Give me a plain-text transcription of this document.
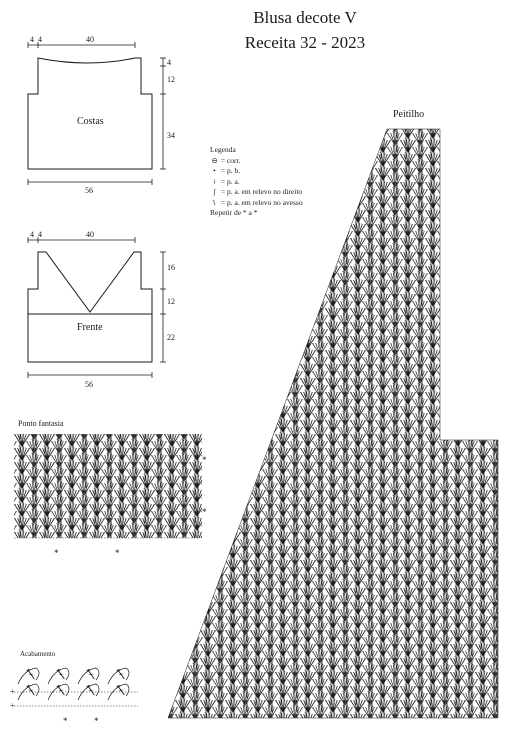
Blusa decote V
Receita 32 - 2023
4 4	40
4
12
34
56
Costas
4 4	40
16
12
22
56
Frente
Peitilho
Ponto fantasia
*
*
*	*
Acabamento
+
+
*	*
Legenda
⊖ = corr.
• = p. b.
ǂ = p. a.
ʃ = p. a. em relevo no direito
ʅ = p. a. em relevo no avesso
Repetir de * a *
